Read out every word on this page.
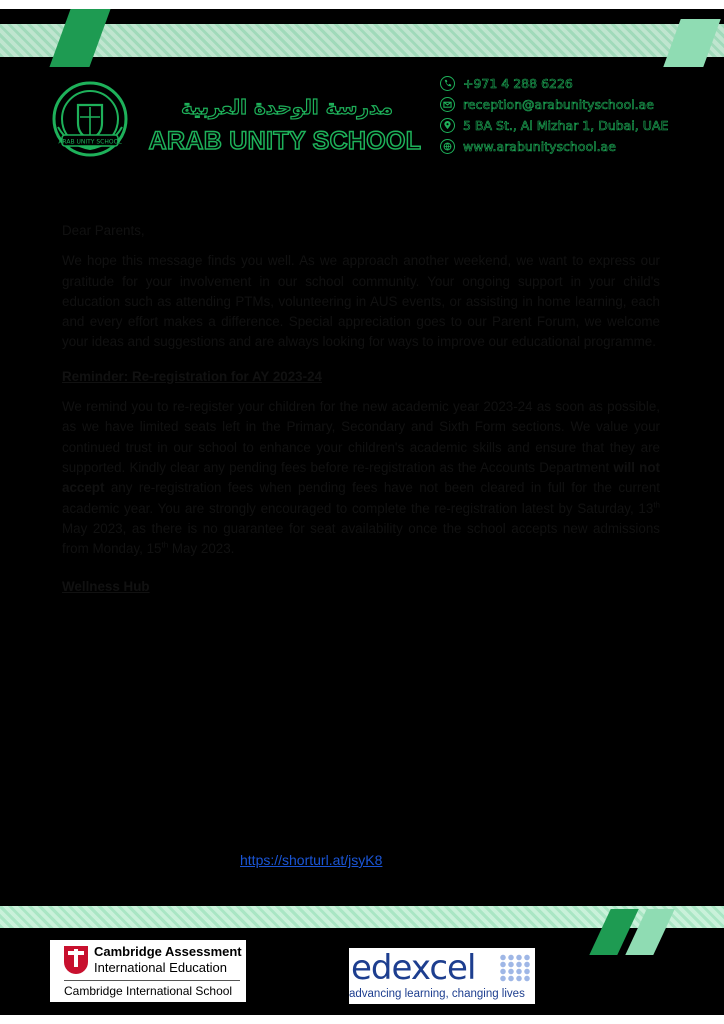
ARAB UNITY SCHOOL
مدرسة الوحدة العربية
ARAB UNITY SCHOOL
+971 4 288 6226
reception@arabunityschool.ae
5 BA St., Al Mizhar 1, Dubai, UAE
www.arabunityschool.ae

Dear Parents,

We hope this message finds you well. As we approach another weekend, we want to express our gratitude for your involvement in our school community. Your ongoing support in your child's education such as attending PTMs, volunteering in AUS events, or assisting in home learning, each and every effort makes a difference. Special appreciation goes to our Parent Forum, we welcome your ideas and suggestions and are always looking for ways to improve our educational programme.

Reminder: Re-registration for AY 2023-24

We remind you to re-register your children for the new academic year 2023-24 as soon as possible, as we have limited seats left in the Primary, Secondary and Sixth Form sections. We value your continued trust in our school to enhance your children's academic skills and ensure that they are supported. Kindly clear any pending fees before re-registration as the Accounts Department will not accept any re-registration fees when pending fees have not been cleared in full for the current academic year. You are strongly encouraged to complete the re-registration latest by Saturday, 13th May 2023, as there is no guarantee for seat availability once the school accepts new admissions from Monday, 15th May 2023.

Wellness Hub

https://shorturl.at/jsyK8
Cambridge Assessment
International Education
Cambridge International School
edexcel
advancing learning, changing lives
